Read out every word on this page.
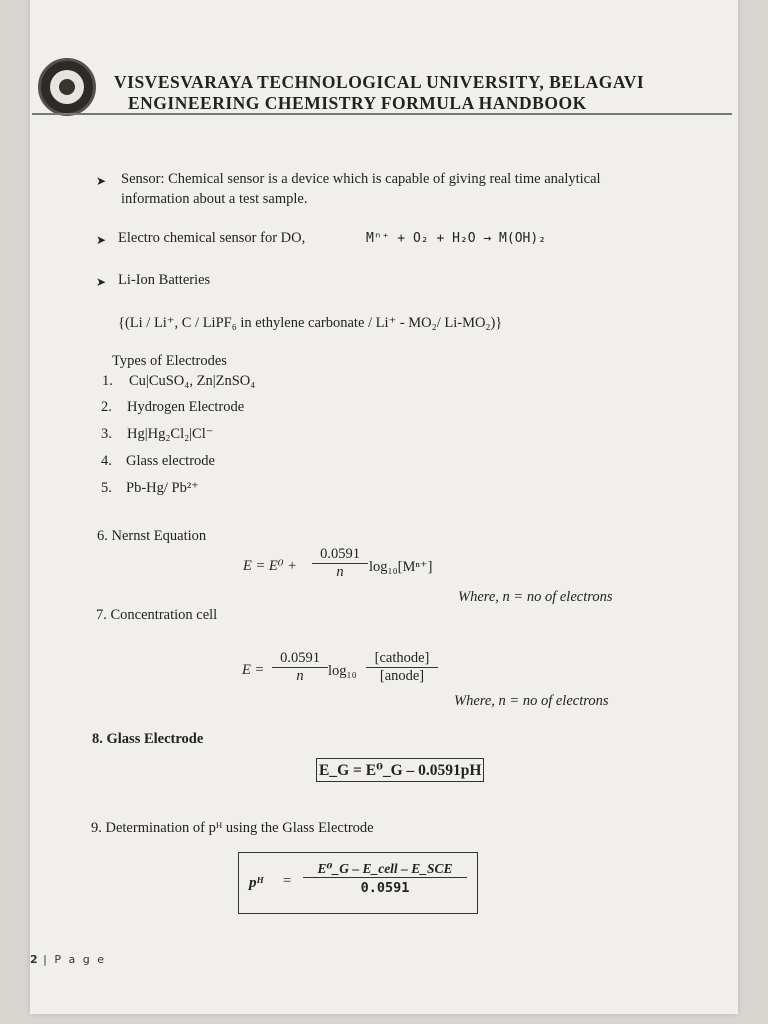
VISVESVARAYA TECHNOLOGICAL UNIVERSITY, BELAGAVI
ENGINEERING CHEMISTRY FORMULA HANDBOOK
➤ Sensor: Chemical sensor is a device which is capable of giving real time analytical
information about a test sample.
➤ Electro chemical sensor for DO,	Mⁿ⁺ + O₂ + H₂O → M(OH)₂
➤ Li-Ion Batteries
{(Li / Li⁺, C / LiPF₆ in ethylene carbonate / Li⁺ - MO₂/ Li-MO₂)}
Types of Electrodes
1. Cu|CuSO₄, Zn|ZnSO₄
2. Hydrogen Electrode
3. Hg|Hg₂Cl₂|Cl⁻
4. Glass electrode
5. Pb-Hg/ Pb²⁺
6. Nernst Equation
$E = E^0 + \frac{0.0591}{n} \log_{10}[M^{n+}]$
Where, n = no of electrons
7. Concentration cell
$E = \frac{0.0591}{n} \log_{10}$
[cathode]
[anode]
Where, n = no of electrons
8. Glass Electrode
E_G = E⁰_G – 0.0591pH
9. Determination of pᴴ using the Glass Electrode
pᴴ =
E⁰_G – E_cell – E_SCE
0.0591
2 | P a g e
